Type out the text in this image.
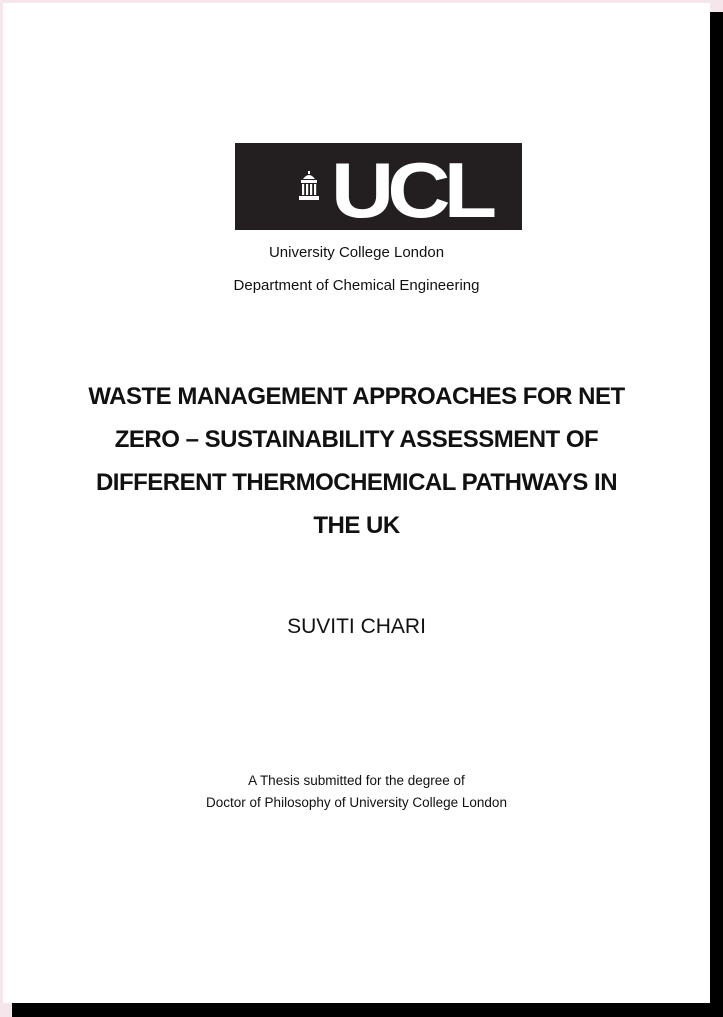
UCL
University College London
Department of Chemical Engineering
WASTE MANAGEMENT APPROACHES FOR NET
ZERO – SUSTAINABILITY ASSESSMENT OF
DIFFERENT THERMOCHEMICAL PATHWAYS IN
THE UK
SUVITI CHARI
A Thesis submitted for the degree of
Doctor of Philosophy of University College London
